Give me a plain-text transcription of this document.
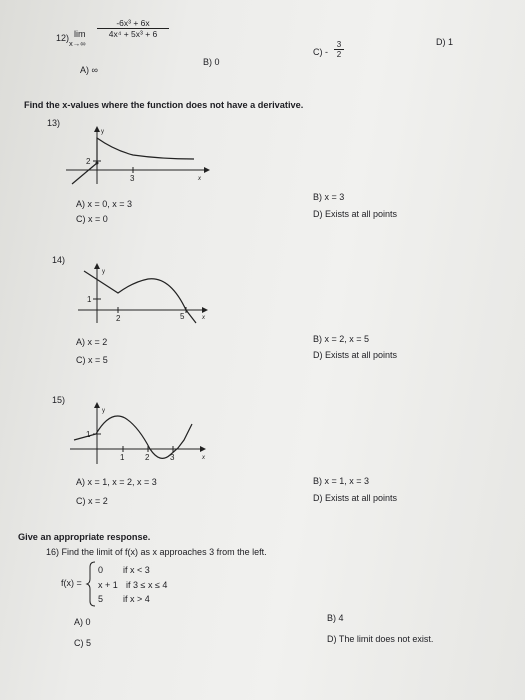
12) lim
x→∞
$\frac{\text{-6x³ + 6x}}{\text{4x⁴ + 5x³ + 6}}$
A) ∞
B) 0
$C) - \frac{3}{2}$	D) 1
Find the x-values where the function does not have a derivative.
13)
2
3
y
x
A) x = 0, x = 3
B) x = 3
C) x = 0	D) Exists at all points
14)
1
2	5
y
x
A) x = 2	B) x = 2, x = 5
C) x = 5	D) Exists at all points
15)
1
1	2	3
y
x
A) x = 1, x = 2, x = 3	B) x = 1, x = 3
C) x = 2	D) Exists at all points
Give an appropriate response.
16) Find the limit of f(x) as x approaches 3 from the left.
f(x) =
0 if x < 3
x + 1 if 3 ≤ x ≤ 4
5 if x > 4
A) 0	B) 4
C) 5	D) The limit does not exist.
